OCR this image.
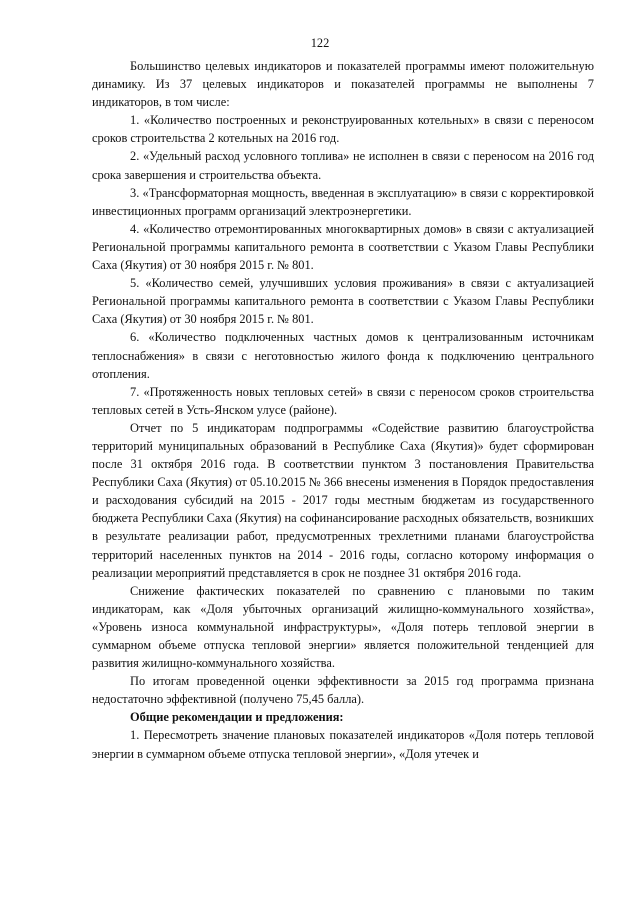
122

Большинство целевых индикаторов и показателей программы имеют положительную динамику. Из 37 целевых индикаторов и показателей программы не выполнены 7 индикаторов, в том числе:

1. «Количество построенных и реконструированных котельных» в связи с переносом сроков строительства 2 котельных на 2016 год.

2. «Удельный расход условного топлива» не исполнен в связи с переносом на 2016 год срока завершения и строительства объекта.

3. «Трансформаторная мощность, введенная в эксплуатацию» в связи с корректировкой инвестиционных программ организаций электроэнергетики.

4. «Количество отремонтированных многоквартирных домов» в связи с актуализацией Региональной программы капитального ремонта в соответствии с Указом Главы Республики Саха (Якутия) от 30 ноября 2015 г. № 801.

5. «Количество семей, улучшивших условия проживания» в связи с актуализацией Региональной программы капитального ремонта в соответствии с Указом Главы Республики Саха (Якутия) от 30 ноября 2015 г. № 801.

6. «Количество подключенных частных домов к централизованным источникам теплоснабжения» в связи с неготовностью жилого фонда к подключению центрального отопления.

7. «Протяженность новых тепловых сетей» в связи с переносом сроков строительства тепловых сетей в Усть-Янском улусе (районе).

Отчет по 5 индикаторам подпрограммы «Содействие развитию благоустройства территорий муниципальных образований в Республике Саха (Якутия)» будет сформирован после 31 октября 2016 года. В соответствии пунктом 3 постановления Правительства Республики Саха (Якутия) от 05.10.2015 № 366 внесены изменения в Порядок предоставления и расходования субсидий на 2015 - 2017 годы местным бюджетам из государственного бюджета Республики Саха (Якутия) на софинансирование расходных обязательств, возникших в результате реализации работ, предусмотренных трехлетними планами благоустройства территорий населенных пунктов на 2014 - 2016 годы, согласно которому информация о реализации мероприятий представляется в срок не позднее 31 октября 2016 года.

Снижение фактических показателей по сравнению с плановыми по таким индикаторам, как «Доля убыточных организаций жилищно-коммунального хозяйства», «Уровень износа коммунальной инфраструктуры», «Доля потерь тепловой энергии в суммарном объеме отпуска тепловой энергии» является положительной тенденцией для развития жилищно-коммунального хозяйства.

По итогам проведенной оценки эффективности за 2015 год программа признана недостаточно эффективной (получено 75,45 балла).

Общие рекомендации и предложения:

1. Пересмотреть значение плановых показателей индикаторов «Доля потерь тепловой энергии в суммарном объеме отпуска тепловой энергии», «Доля утечек и
